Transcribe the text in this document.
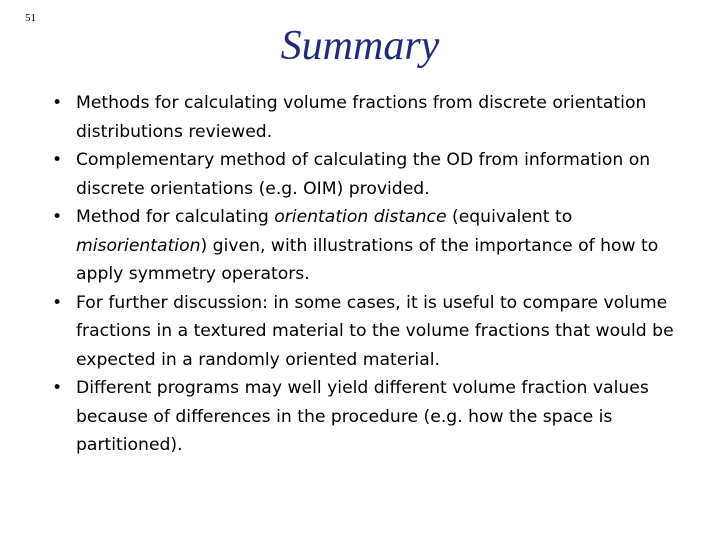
51
Summary
• Methods for calculating volume fractions from discrete orientation distributions reviewed.
• Complementary method of calculating the OD from information on discrete orientations (e.g. OIM) provided.
• Method for calculating orientation distance (equivalent to misorientation) given, with illustrations of the importance of how to apply symmetry operators.
• For further discussion: in some cases, it is useful to compare volume fractions in a textured material to the volume fractions that would be expected in a randomly oriented material.
• Different programs may well yield different volume fraction values because of differences in the procedure (e.g. how the space is partitioned).
